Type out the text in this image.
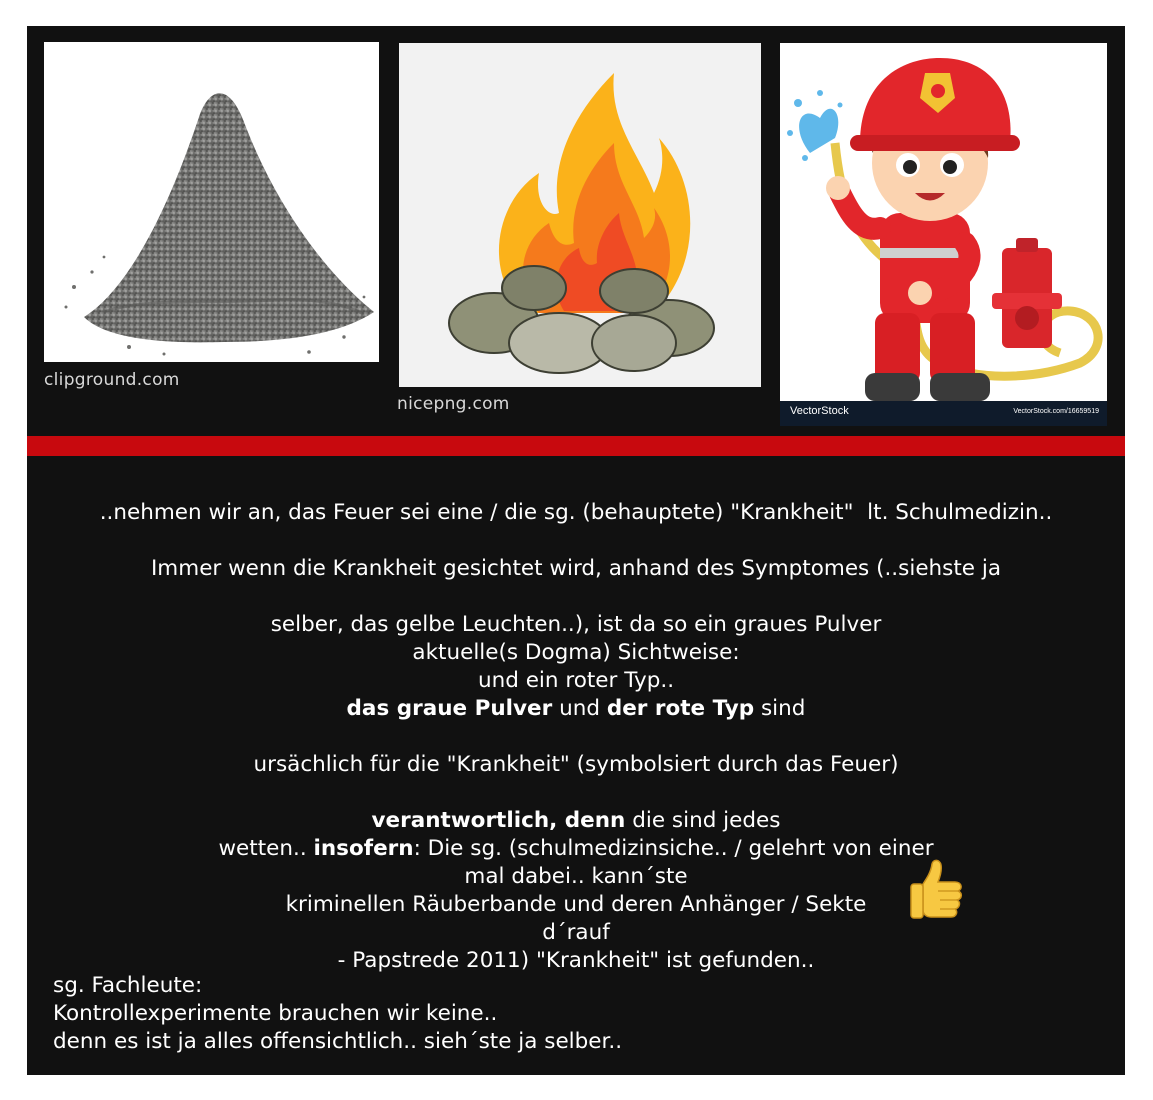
clipground.com
nicepng.com	VectorStock	VectorStock.com/16659519

..nehmen wir an, das Feuer sei eine / die sg. (behauptete) "Krankheit"  lt. Schulmedizin..

Immer wenn die Krankheit gesichtet wird, anhand des Symptomes (..siehste ja

selber, das gelbe Leuchten..), ist da so ein graues Pulver

und ein roter Typ..

aktuelle(s Dogma) Sichtweise:

das graue Pulver und der rote Typ sind

ursächlich für die "Krankheit" (symbolsiert durch das Feuer)

verantwortlich, denn die sind jedes

mal dabei.. kann´ste

d´rauf

wetten.. insofern: Die sg. (schulmedizinsiche.. / gelehrt von einer

kriminellen Räuberbande und deren Anhänger / Sekte

- Papstrede 2011) "Krankheit" ist gefunden..

sg. Fachleute:
Kontrollexperimente brauchen wir keine..
denn es ist ja alles offensichtlich.. sieh´ste ja selber..
